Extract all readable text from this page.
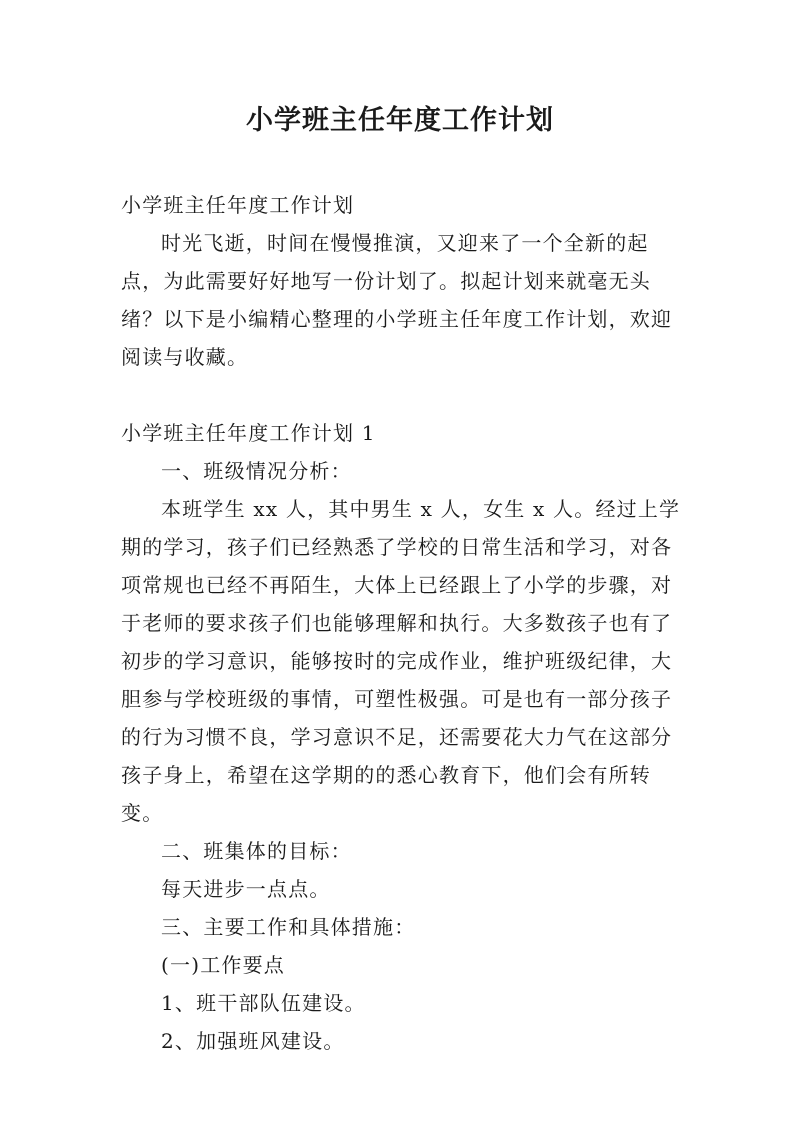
小学班主任年度工作计划

小学班主任年度工作计划

时光飞逝，时间在慢慢推演，又迎来了一个全新的起点，为此需要好好地写一份计划了。拟起计划来就毫无头绪？以下是小编精心整理的小学班主任年度工作计划，欢迎阅读与收藏。

小学班主任年度工作计划 1

一、班级情况分析：

本班学生 xx 人，其中男生 x 人，女生 x 人。经过上学期的学习，孩子们已经熟悉了学校的日常生活和学习，对各项常规也已经不再陌生，大体上已经跟上了小学的步骤，对于老师的要求孩子们也能够理解和执行。大多数孩子也有了初步的学习意识，能够按时的完成作业，维护班级纪律，大胆参与学校班级的事情，可塑性极强。可是也有一部分孩子的行为习惯不良，学习意识不足，还需要花大力气在这部分孩子身上，希望在这学期的的悉心教育下，他们会有所转变。

二、班集体的目标：

每天进步一点点。

三、主要工作和具体措施：

(一)工作要点

1、班干部队伍建设。

2、加强班风建设。
